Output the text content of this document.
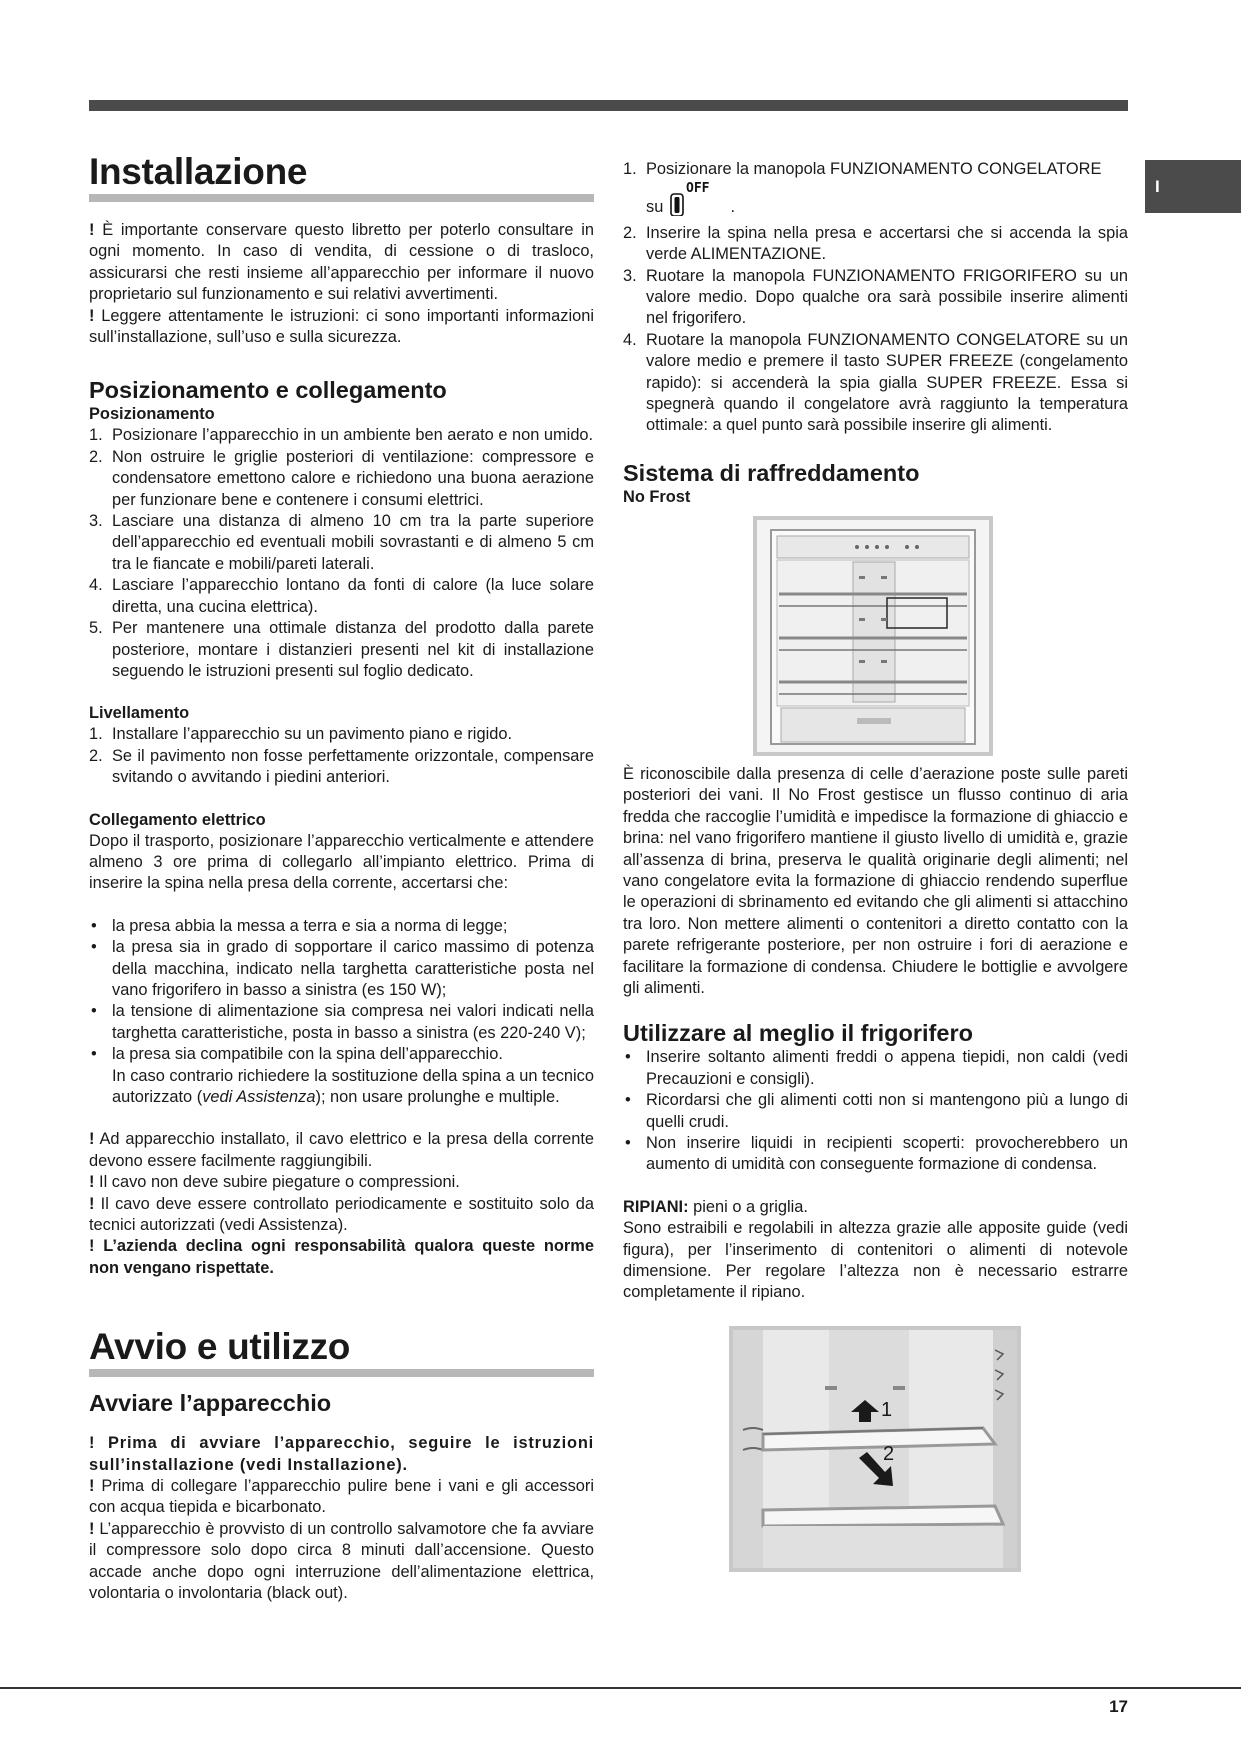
I
Installazione

! È importante conservare questo libretto per poterlo consultare in ogni momento. In caso di vendita, di cessione o di trasloco, assicurarsi che resti insieme all’apparecchio per informare il nuovo proprietario sul funzionamento e sui relativi avvertimenti.

! Leggere attentamente le istruzioni: ci sono importanti informazioni sull’installazione, sull’uso e sulla sicurezza.

Posizionamento e collegamento
Posizionamento
1. Posizionare l’apparecchio in un ambiente ben aerato e non umido.
2. Non ostruire le griglie posteriori di ventilazione: compressore e condensatore emettono calore e richiedono una buona aerazione per funzionare bene e contenere i consumi elettrici.
3. Lasciare una distanza di almeno 10 cm tra la parte superiore dell’apparecchio ed eventuali mobili sovrastanti e di almeno 5 cm tra le fiancate e mobili/pareti laterali.
4. Lasciare l’apparecchio lontano da fonti di calore (la luce solare diretta, una cucina elettrica).
5. Per mantenere una ottimale distanza del prodotto dalla parete posteriore, montare i distanzieri presenti nel kit di installazione seguendo le istruzioni presenti sul foglio dedicato.
Livellamento
1. Installare l’apparecchio su un pavimento piano e rigido.
2. Se il pavimento non fosse perfettamente orizzontale, compensare svitando o avvitando i piedini anteriori.
Collegamento elettrico

Dopo il trasporto, posizionare l’apparecchio verticalmente e attendere almeno 3 ore prima di collegarlo all’impianto elettrico. Prima di inserire la spina nella presa della corrente, accertarsi che:

• la presa abbia la messa a terra e sia a norma di legge;
• la presa sia in grado di sopportare il carico massimo di potenza della macchina, indicato nella targhetta caratteristiche posta nel vano frigorifero in basso a sinistra (es 150 W);
• la tensione di alimentazione sia compresa nei valori indicati nella targhetta caratteristiche, posta in basso a sinistra (es 220-240 V);
• la presa sia compatibile con la spina dell’apparecchio.

In caso contrario richiedere la sostituzione della spina a un tecnico autorizzato (vedi Assistenza); non usare prolunghe e multiple.

! Ad apparecchio installato, il cavo elettrico e la presa della corrente devono essere facilmente raggiungibili.

! Il cavo non deve subire piegature o compressioni.

! Il cavo deve essere controllato periodicamente e sostituito solo da tecnici autorizzati (vedi Assistenza).

! L’azienda declina ogni responsabilità qualora queste norme non vengano rispettate.

Avvio e utilizzo
Avviare l’apparecchio

! Prima di avviare l’apparecchio, seguire le istruzioni sull’installazione (vedi Installazione).

! Prima di collegare l’apparecchio pulire bene i vani e gli accessori con acqua tiepida e bicarbonato.

! L’apparecchio è provvisto di un controllo salvamotore che fa avviare il compressore solo dopo circa 8 minuti dall’accensione. Questo accade anche dopo ogni interruzione dell’alimentazione elettrica, volontaria o involontaria (black out).

1. Posizionare la manopola FUNZIONAMENTO CONGELATORE
su
OFF
.
2. Inserire la spina nella presa e accertarsi che si accenda la spia verde ALIMENTAZIONE.
3. Ruotare la manopola FUNZIONAMENTO FRIGORIFERO su un valore medio. Dopo qualche ora sarà possibile inserire alimenti nel frigorifero.
4. Ruotare la manopola FUNZIONAMENTO CONGELATORE su un valore medio e premere il tasto SUPER FREEZE (congelamento rapido): si accenderà la spia gialla SUPER FREEZE. Essa si spegnerà quando il congelatore avrà raggiunto la temperatura ottimale: a quel punto sarà possibile inserire gli alimenti.
Sistema di raffreddamento
No Frost

È riconoscibile dalla presenza di celle d’aerazione poste sulle pareti posteriori dei vani. Il No Frost gestisce un flusso continuo di aria fredda che raccoglie l’umidità e impedisce la formazione di ghiaccio e brina: nel vano frigorifero mantiene il giusto livello di umidità e, grazie all’assenza di brina, preserva le qualità originarie degli alimenti; nel vano congelatore evita la formazione di ghiaccio rendendo superflue le operazioni di sbrinamento ed evitando che gli alimenti si attacchino tra loro. Non mettere alimenti o contenitori a diretto contatto con la parete refrigerante posteriore, per non ostruire i fori di aerazione e facilitare la formazione di condensa. Chiudere le bottiglie e avvolgere gli alimenti.

Utilizzare al meglio il frigorifero
• Inserire soltanto alimenti freddi o appena tiepidi, non caldi (vedi Precauzioni e consigli).
• Ricordarsi che gli alimenti cotti non si mantengono più a lungo di quelli crudi.
• Non inserire liquidi in recipienti scoperti: provocherebbero un aumento di umidità con conseguente formazione di condensa.

RIPIANI: pieni o a griglia.

Sono estraibili e regolabili in altezza grazie alle apposite guide (vedi figura), per l’inserimento di contenitori o alimenti di notevole dimensione. Per regolare l’altezza non è necessario estrarre completamente il ripiano.

1
2
17
